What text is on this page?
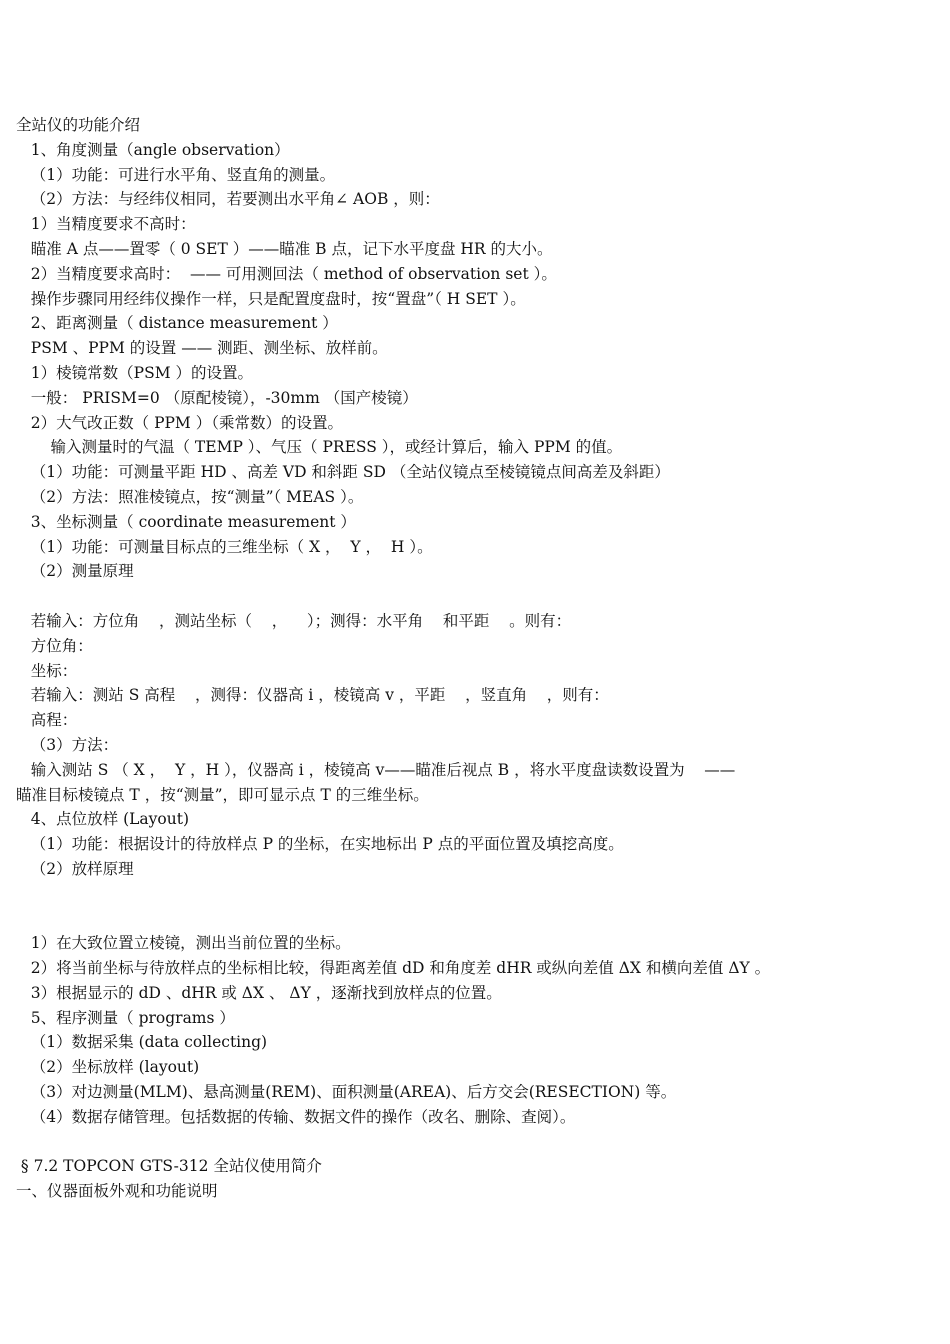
全站仪的功能介绍
1、角度测量（angle observation）
（1）功能：可进行水平角、竖直角的测量。
（2）方法：与经纬仪相同，若要测出水平角∠ AOB ，则：
1）当精度要求不高时：
瞄准 A 点——置零（ 0 SET ）——瞄准 B 点，记下水平度盘 HR 的大小。
2）当精度要求高时：  —— 可用测回法（ method of observation set ）。
操作步骤同用经纬仪操作一样，只是配置度盘时，按“置盘”（ H SET ）。
2、距离测量（ distance measurement ）
PSM 、PPM 的设置 —— 测距、测坐标、放样前。
1）棱镜常数（PSM ）的设置。
一般： PRISM=0 （原配棱镜），-30mm （国产棱镜）
2）大气改正数（ PPM ）（乘常数）的设置。
输入测量时的气温（ TEMP ）、气压（ PRESS ），或经计算后，输入 PPM 的值。
（1）功能：可测量平距 HD 、高差 VD 和斜距 SD （全站仪镜点至棱镜镜点间高差及斜距）
（2）方法：照准棱镜点，按“测量”（ MEAS ）。
3、坐标测量（ coordinate measurement ）
（1）功能：可测量目标点的三维坐标（ X ，  Y ，  H ）。
（2）测量原理
若输入：方位角    ，测站坐标（    ，    ）；测得：水平角    和平距    。则有：
方位角：
坐标：
若输入：测站 S 高程    ，测得：仪器高 i ，棱镜高 v ，平距    ，竖直角    ，则有：
高程：
（3）方法：
输入测站 S （ X ，  Y ，H ），仪器高 i ，棱镜高 v——瞄准后视点 B ，将水平度盘读数设置为    ——
瞄准目标棱镜点 T ，按“测量”，即可显示点 T 的三维坐标。
4、点位放样 (Layout)
（1）功能：根据设计的待放样点 P 的坐标，在实地标出 P 点的平面位置及填挖高度。
（2）放样原理
1）在大致位置立棱镜，测出当前位置的坐标。
2）将当前坐标与待放样点的坐标相比较，得距离差值 dD 和角度差 dHR 或纵向差值 ΔX 和横向差值 ΔY 。
3）根据显示的 dD 、dHR 或 ΔX 、 ΔY ，逐渐找到放样点的位置。
5、程序测量（ programs ）
（1）数据采集 (data collecting)
（2）坐标放样 (layout)
（3）对边测量(MLM)、悬高测量(REM)、面积测量(AREA)、后方交会(RESECTION) 等。
（4）数据存储管理。包括数据的传输、数据文件的操作（改名、删除、查阅）。
§ 7.2 TOPCON GTS-312 全站仪使用简介
一、仪器面板外观和功能说明
